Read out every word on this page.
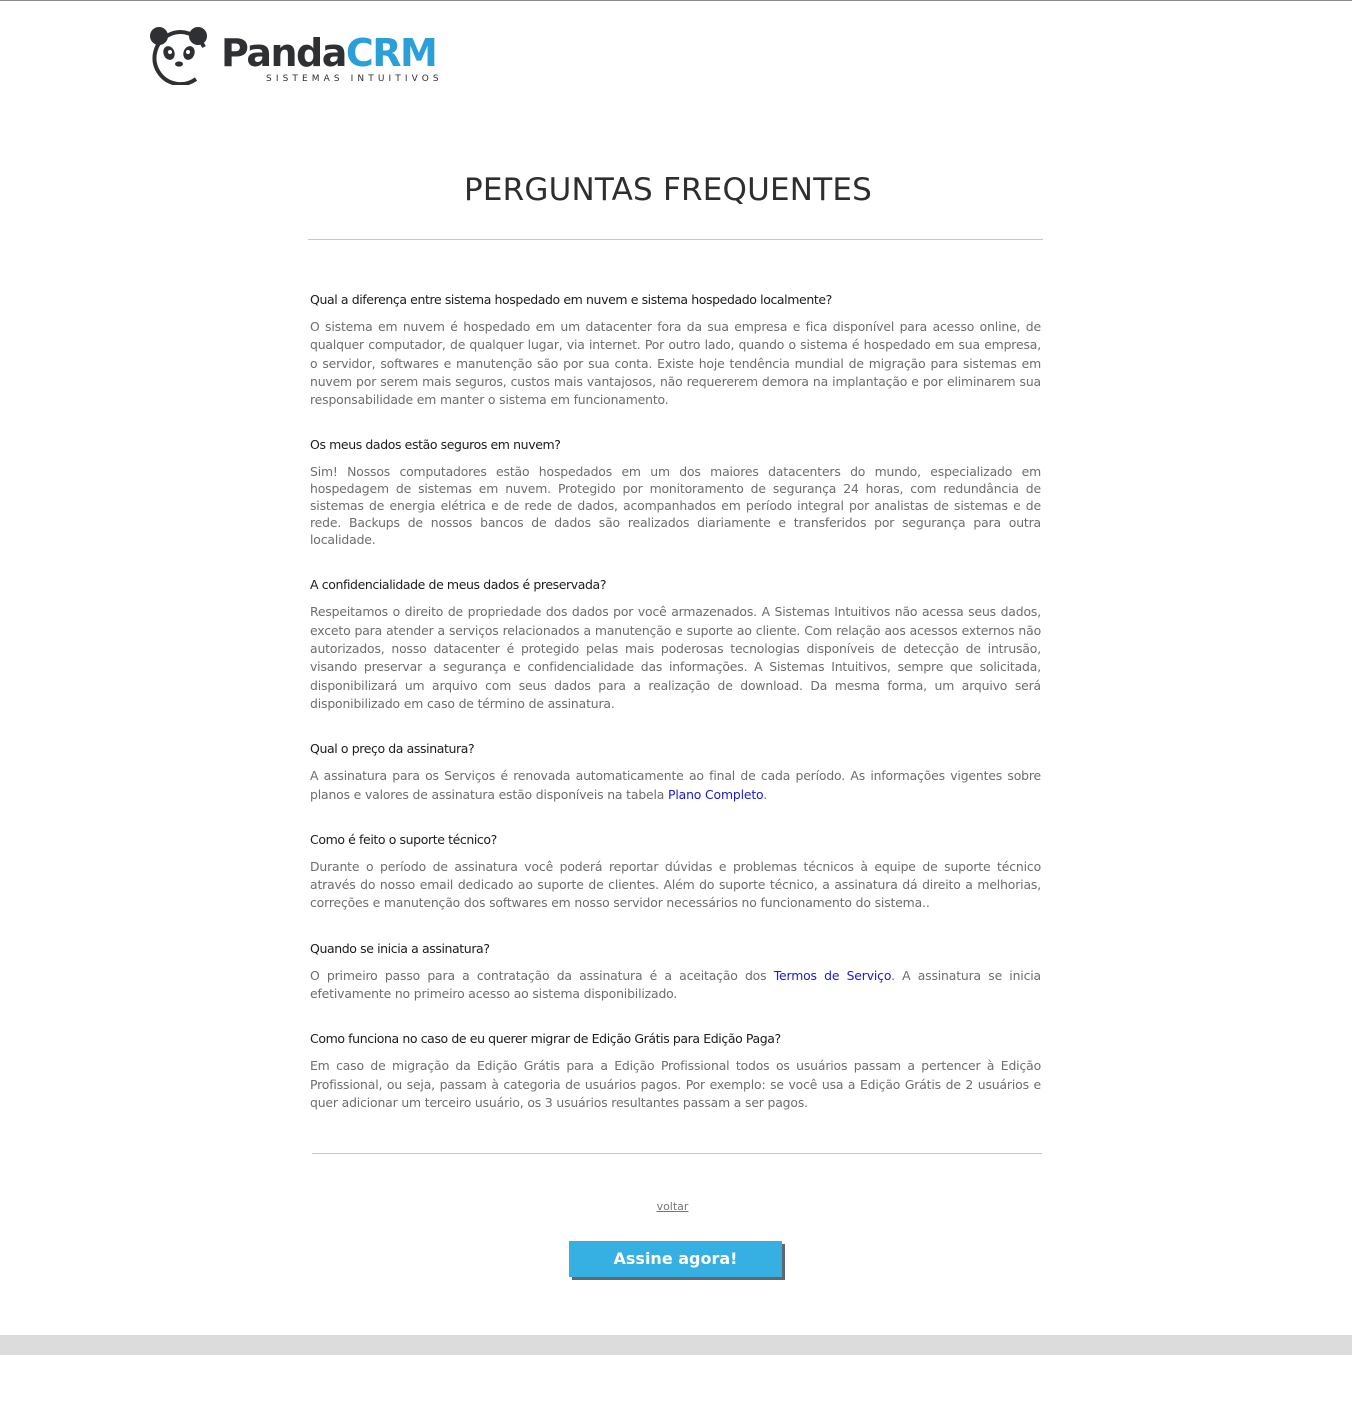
PandaCRM
SISTEMAS INTUITIVOS
PERGUNTAS FREQUENTES

Qual a diferença entre sistema hospedado em nuvem e sistema hospedado localmente?

O sistema em nuvem é hospedado em um datacenter fora da sua empresa e fica disponível para acesso online, de qualquer computador, de qualquer lugar, via internet. Por outro lado, quando o sistema é hospedado em sua empresa, o servidor, softwares e manutenção são por sua conta. Existe hoje tendência mundial de migração para sistemas em nuvem por serem mais seguros, custos mais vantajosos, não requererem demora na implantação e por eliminarem sua responsabilidade em manter o sistema em funcionamento.

Os meus dados estão seguros em nuvem?

Sim! Nossos computadores estão hospedados em um dos maiores datacenters do mundo, especializado em hospedagem de sistemas em nuvem. Protegido por monitoramento de segurança 24 horas, com redundância de sistemas de energia elétrica e de rede de dados, acompanhados em período integral por analistas de sistemas e de rede. Backups de nossos bancos de dados são realizados diariamente e transferidos por segurança para outra localidade.

A confidencialidade de meus dados é preservada?

Respeitamos o direito de propriedade dos dados por você armazenados. A Sistemas Intuitivos não acessa seus dados, exceto para atender a serviços relacionados a manutenção e suporte ao cliente. Com relação aos acessos externos não autorizados, nosso datacenter é protegido pelas mais poderosas tecnologias disponíveis de detecção de intrusão, visando preservar a segurança e confidencialidade das informações. A Sistemas Intuitivos, sempre que solicitada, disponibilizará um arquivo com seus dados para a realização de download. Da mesma forma, um arquivo será disponibilizado em caso de término de assinatura.

Qual o preço da assinatura?

A assinatura para os Serviços é renovada automaticamente ao final de cada período. As informações vigentes sobre planos e valores de assinatura estão disponíveis na tabela Plano Completo.

Como é feito o suporte técnico?

Durante o período de assinatura você poderá reportar dúvidas e problemas técnicos à equipe de suporte técnico através do nosso email dedicado ao suporte de clientes. Além do suporte técnico, a assinatura dá direito a melhorias, correções e manutenção dos softwares em nosso servidor necessários no funcionamento do sistema..

Quando se inicia a assinatura?

O primeiro passo para a contratação da assinatura é a aceitação dos Termos de Serviço. A assinatura se inicia efetivamente no primeiro acesso ao sistema disponibilizado.

Como funciona no caso de eu querer migrar de Edição Grátis para Edição Paga?

Em caso de migração da Edição Grátis para a Edição Profissional todos os usuários passam a pertencer à Edição Profissional, ou seja, passam à categoria de usuários pagos. Por exemplo: se você usa a Edição Grátis de 2 usuários e quer adicionar um terceiro usuário, os 3 usuários resultantes passam a ser pagos.

voltar
Assine agora!
